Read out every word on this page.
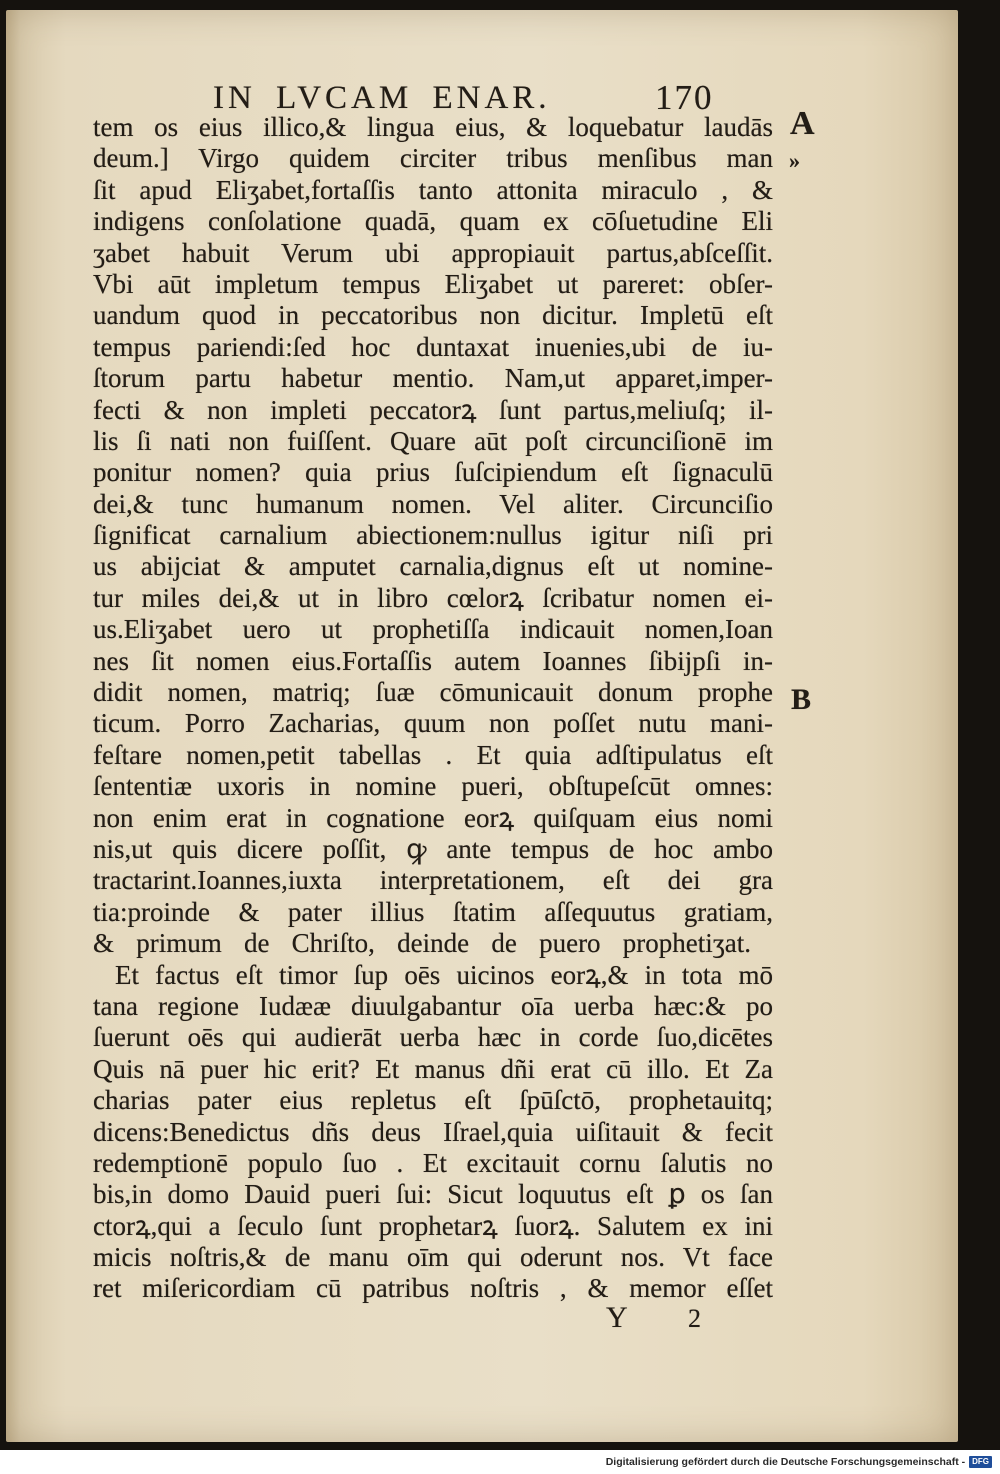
IN LVCAM ENAR.	170
A
»
B
tem os eius illico,& lingua eius, & loquebatur laudās
deum.] Virgo quidem circiter tribus menſibus man
ſit apud Eliʒabet,fortaſſis tanto attonita miraculo , &
indigens conſolatione quadā, quam ex cōſuetudine Eli
ʒabet habuit Verum ubi appropiauit partus,abſceſſit.
Vbi aūt impletum tempus Eliʒabet ut pareret: obſer-
uandum quod in peccatoribus non dicitur. Impletū eſt
tempus pariendi:ſed hoc duntaxat inuenies,ubi de iu-
ſtorum partu habetur mentio. Nam,ut apparet,imper-
fecti & non impleti peccatorꝝ ſunt partus,meliuſq; il-
lis ſi nati non fuiſſent. Quare aūt poſt circunciſionē im
ponitur nomen? quia prius ſuſcipiendum eſt ſignaculū
dei,& tunc humanum nomen. Vel aliter. Circunciſio
ſignificat carnalium abiectionem:nullus igitur niſi pri
us abijciat & amputet carnalia,dignus eſt ut nomine-
tur miles dei,& ut in libro cœlorꝝ ſcribatur nomen ei-
us.Eliʒabet uero ut prophetiſſa indicauit nomen,Ioan
nes ſit nomen eius.Fortaſſis autem Ioannes ſibijpſi in-
didit nomen, matriq; ſuæ cōmunicauit donum prophe
ticum. Porro Zacharias, quum non poſſet nutu mani-
feſtare nomen,petit tabellas . Et quia adſtipulatus eſt
ſententiæ uxoris in nomine pueri, obſtupeſcūt omnes:
non enim erat in cognatione eorꝝ quiſquam eius nomi
nis,ut quis dicere poſſit, ꝙ ante tempus de hoc ambo
tractarint.Ioannes,iuxta interpretationem, eſt dei gra
tia:proinde & pater illius ſtatim aſſequutus gratiam,
& primum de Chriſto, deinde de puero prophetiʒat.
Et factus eſt timor ſup oēs uicinos eorꝝ,& in tota mō
tana regione Iudææ diuulgabantur oīa uerba hæc:& po
ſuerunt oēs qui audierāt uerba hæc in corde ſuo,dicētes
Quis nā puer hic erit? Et manus dñi erat cū illo. Et Za
charias pater eius repletus eſt ſpūſctō, prophetauitq;
dicens:Benedictus dñs deus Iſrael,quia uiſitauit & fecit
redemptionē populo ſuo . Et excitauit cornu ſalutis no
bis,in domo Dauid pueri ſui: Sicut loquutus eſt ꝑ os ſan
ctorꝝ,qui a ſeculo ſunt prophetarꝝ ſuorꝝ. Salutem ex ini
micis noſtris,& de manu oīm qui oderunt nos. Vt face
ret miſericordiam cū patribus noſtris , & memor eſſet
Y 2
Digitalisierung gefördert durch die Deutsche Forschungsgemeinschaft - DFG
